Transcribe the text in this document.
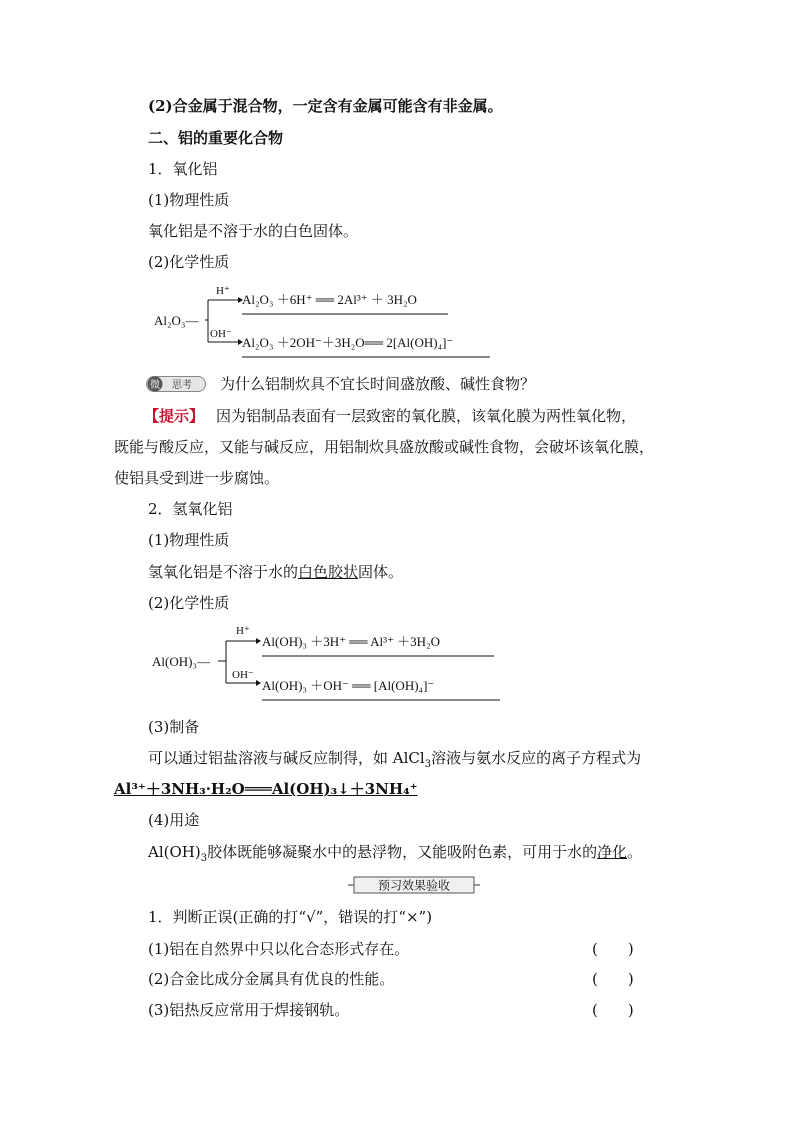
(2)合金属于混合物，一定含有金属可能含有非金属。
二、铝的重要化合物
1．氧化铝
(1)物理性质
氧化铝是不溶于水的白色固体。
(2)化学性质
Al₂O₃—
H⁺
OH⁻
Al₂O₃ ＋6H⁺ ══ 2Al³⁺ ＋ 3H₂O
Al₂O₃ ＋2OH⁻＋3H₂O══ 2[Al(OH)₄]⁻
微 思考 为什么铝制炊具不宜长时间盛放酸、碱性食物？
【提示】 因为铝制品表面有一层致密的氧化膜，该氧化膜为两性氧化物，
既能与酸反应，又能与碱反应，用铝制炊具盛放酸或碱性食物，会破坏该氧化膜，
使铝具受到进一步腐蚀。
2．氢氧化铝
(1)物理性质
氢氧化铝是不溶于水的白色胶状固体。
(2)化学性质
Al(OH)₃—
H⁺
OH⁻
Al(OH)₃ ＋3H⁺ ══ Al³⁺ ＋3H₂O
Al(OH)₃ ＋OH⁻ ══ [Al(OH)₄]⁻
(3)制备
可以通过铝盐溶液与碱反应制得，如 AlCl$_3$溶液与氨水反应的离子方程式为
Al³⁺＋3NH₃·H₂O═══Al(OH)₃↓＋3NH₄⁺
(4)用途
$Al(OH)_3$胶体既能够凝聚水中的悬浮物，又能吸附色素，可用于水的净化。
预习效果验收
1．判断正误(正确的打“√”，错误的打“×”)
(1)铝在自然界中只以化合态形式存在。	(　　)
(2)合金比成分金属具有优良的性能。	(　　)
(3)铝热反应常用于焊接钢轨。	(　　)
